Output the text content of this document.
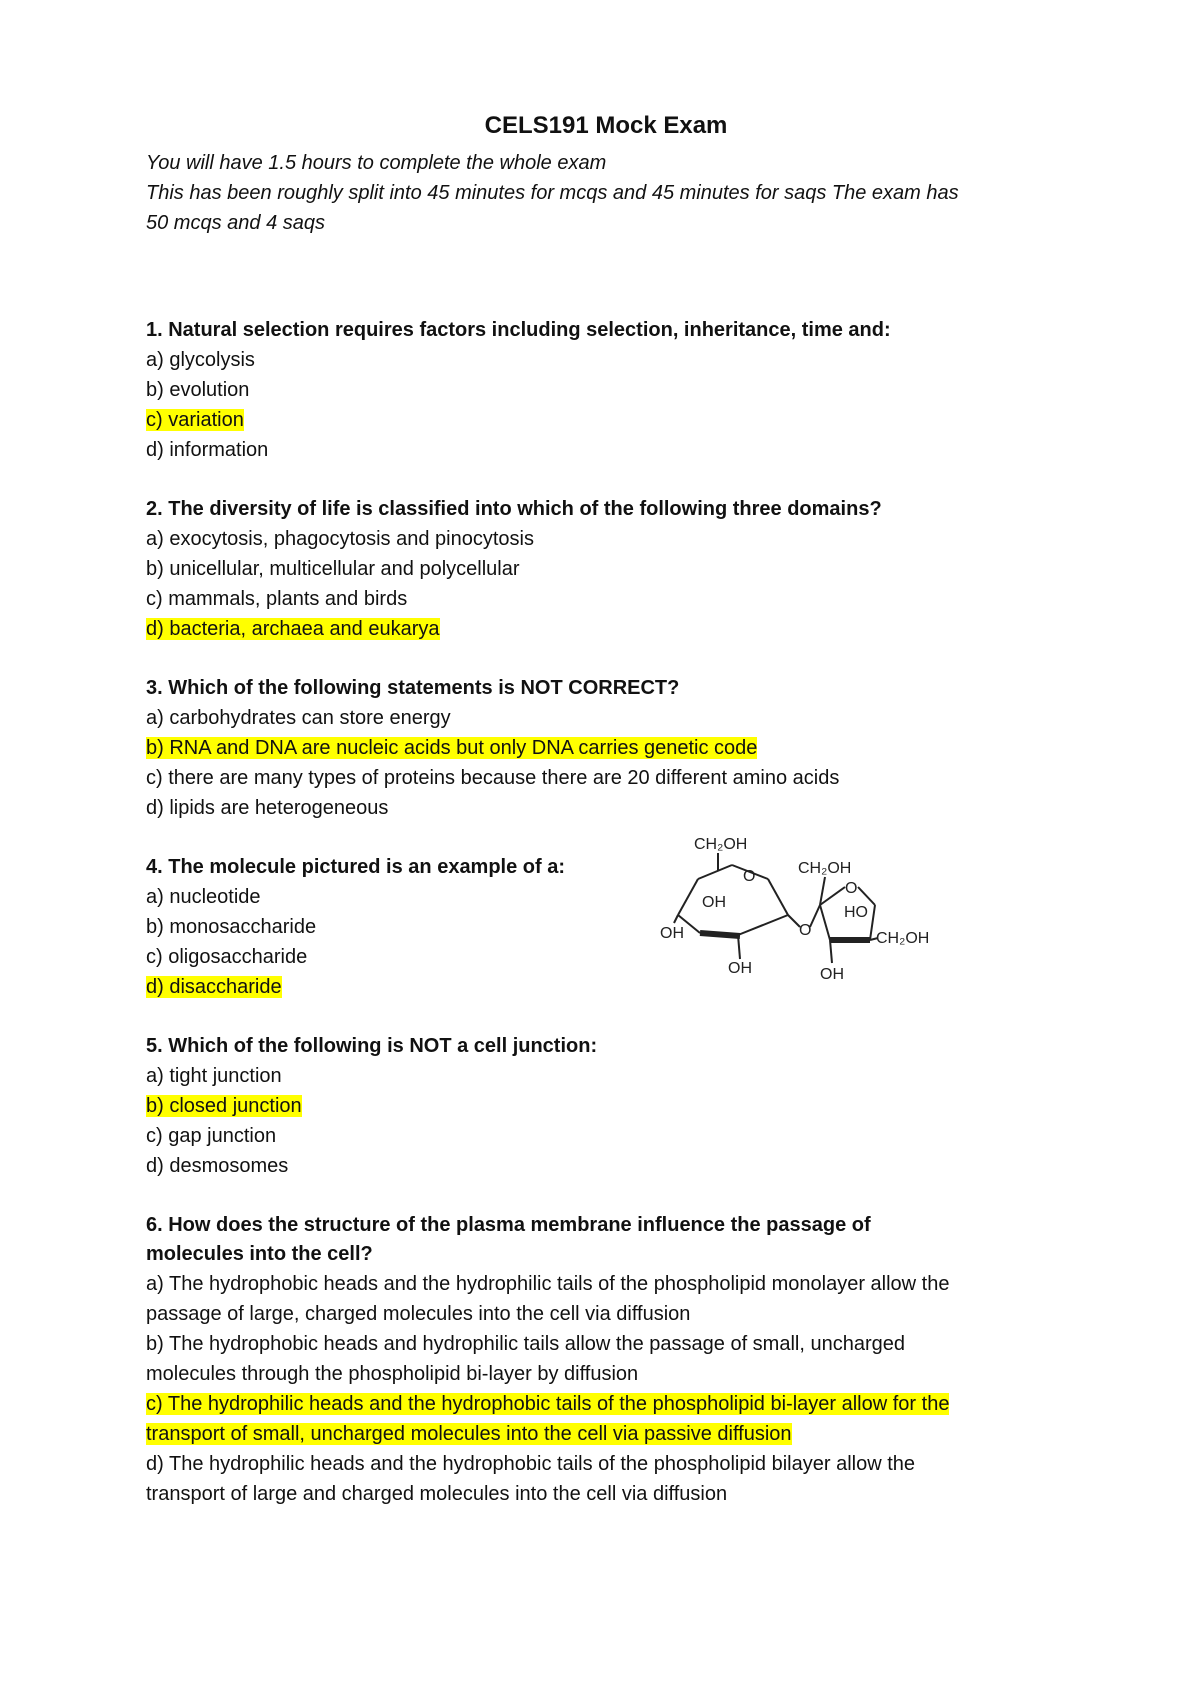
CELS191 Mock Exam
You will have 1.5 hours to complete the whole exam
This has been roughly split into 45 minutes for mcqs and 45 minutes for saqs The exam has
50 mcqs and 4 saqs
1. Natural selection requires factors including selection, inheritance, time and:
a) glycolysis
b) evolution
c) variation
d) information
2. The diversity of life is classified into which of the following three domains?
a) exocytosis, phagocytosis and pinocytosis
b) unicellular, multicellular and polycellular
c) mammals, plants and birds
d) bacteria, archaea and eukarya
3. Which of the following statements is NOT CORRECT?
a) carbohydrates can store energy
b) RNA and DNA are nucleic acids but only DNA carries genetic code
c) there are many types of proteins because there are 20 different amino acids
d) lipids are heterogeneous
4. The molecule pictured is an example of a:
a) nucleotide
b) monosaccharide
c) oligosaccharide
d) disaccharide
CH₂OH
CH₂OH
O
O
O
OH
OH
OH
HO
CH₂OH
OH
5. Which of the following is NOT a cell junction:
a) tight junction
b) closed junction
c) gap junction
d) desmosomes
6. How does the structure of the plasma membrane influence the passage of
molecules into the cell?
a) The hydrophobic heads and the hydrophilic tails of the phospholipid monolayer allow the
passage of large, charged molecules into the cell via diffusion
b) The hydrophobic heads and hydrophilic tails allow the passage of small, uncharged
molecules through the phospholipid bi-layer by diffusion
c) The hydrophilic heads and the hydrophobic tails of the phospholipid bi-layer allow for the
transport of small, uncharged molecules into the cell via passive diffusion
d) The hydrophilic heads and the hydrophobic tails of the phospholipid bilayer allow the
transport of large and charged molecules into the cell via diffusion
